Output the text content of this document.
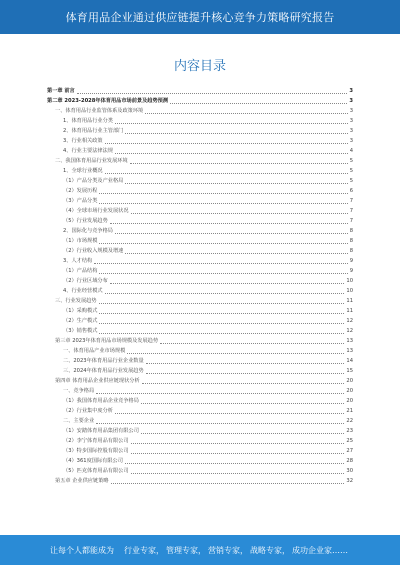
体育用品企业通过供应链提升核心竞争力策略研究报告
内容目录
第一章 前言	3
第二章 2023-2028年体育用品市场前景及趋势预测	3
一、体育用品行业监管体系及政策环境	3
1、体育用品行业分类	3
2、体育用品行业主管部门	3
3、行业相关政策	3
4、行业主要法律法规	4
二、我国体育用品行业发展环境	5
1、全球行业概况	5
（1）产品分类及产业格局	5
（2）发展历程	6
（3）产品分类	7
（4）全球市场行业发展状况	7
（5）行业发展趋势	7
2、国际化与竞争格局	8
（1）市场规模	8
（2）行业收入规模及增速	8
3、人才结构	9
（1）产品结构	9
（2）行业区域分布	10
4、行业经营模式	10
三、行业发展趋势	11
（1）采购模式	11
（2）生产模式	12
（3）销售模式	12
第三章 2023年体育用品市场规模及发展趋势	13
一、体育用品产业市场规模	13
二、2023年体育用品行业企业数量	14
三、2024年体育用品行业发展趋势	15
第四章 体育用品企业供应链现状分析	20
一、竞争格局	20
（1）我国体育用品企业竞争格局	20
（2）行业集中度分析	21
二、主要企业	22
（1）安踏体育用品集团有限公司	23
（2）李宁体育用品有限公司	25
（3）特步国际控股有限公司	27
（4）361度国际有限公司	28
（5）匹克体育用品有限公司	30
第五章 企业供应链策略	32
让每个人都能成为 行业专家， 管理专家， 营销专家， 战略专家， 成功企业家……
